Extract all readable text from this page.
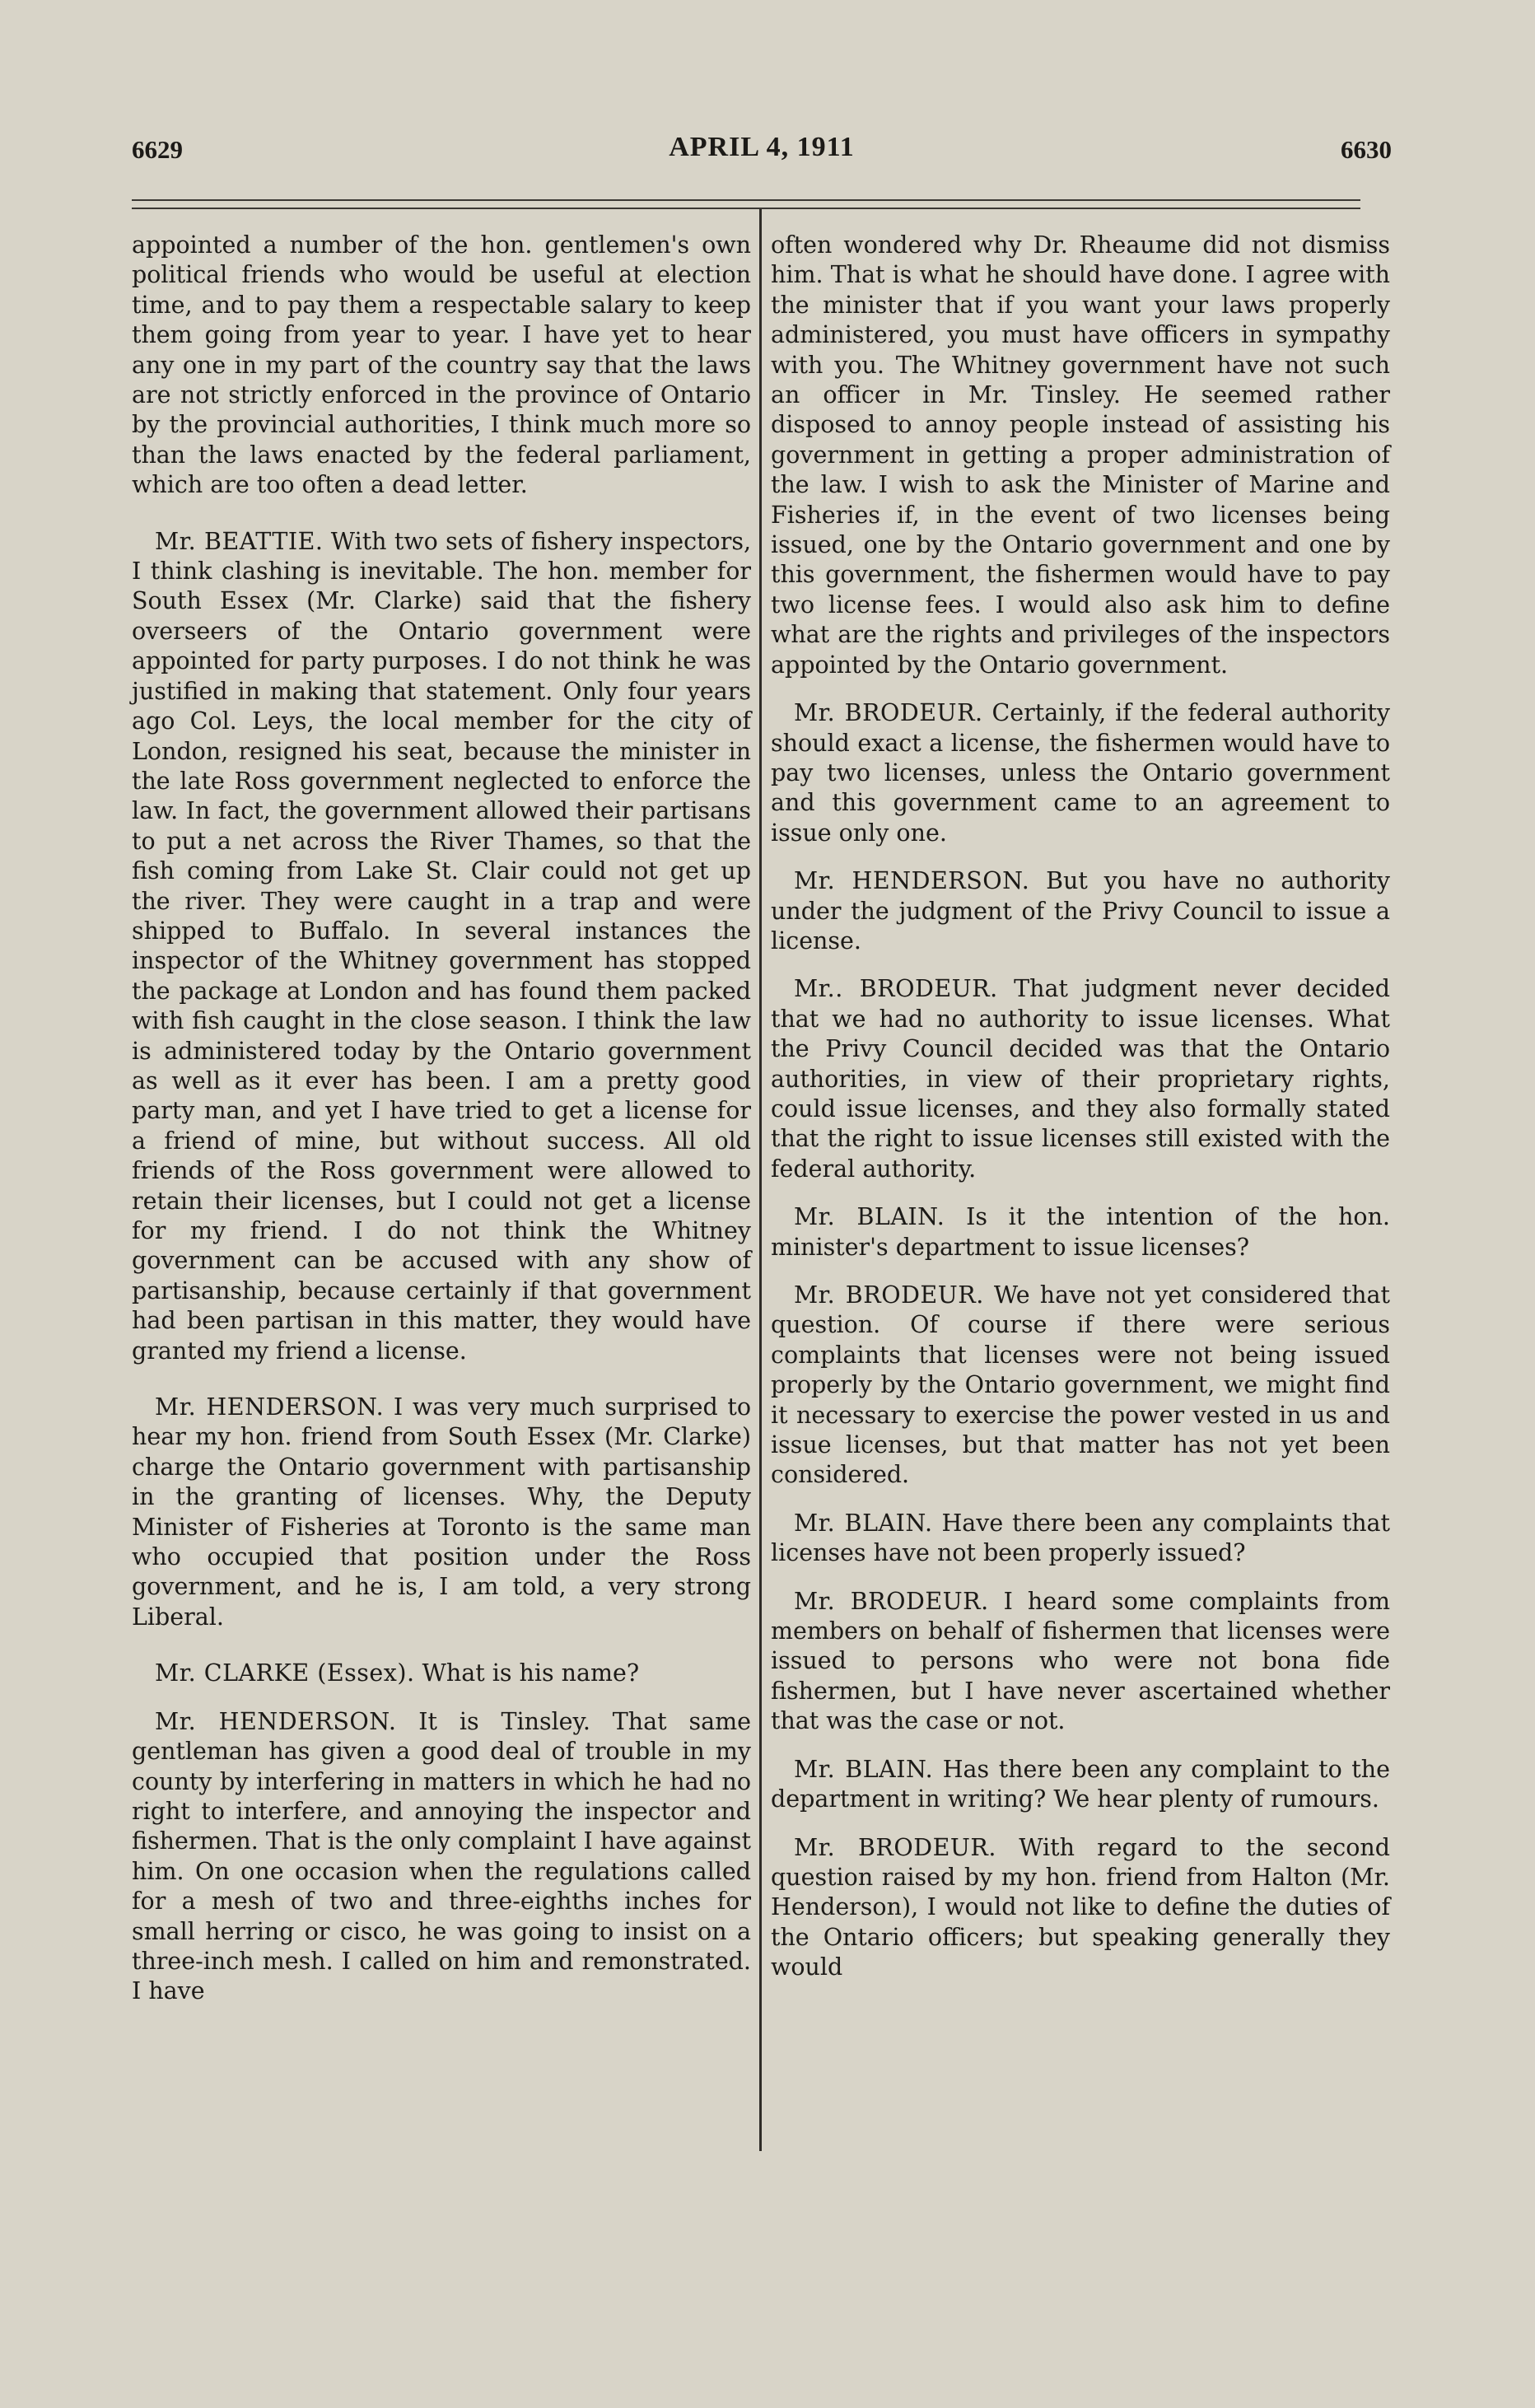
6629	APRIL 4, 1911	6630

appointed a number of the hon. gentlemen's own political friends who would be useful at election time, and to pay them a respectable salary to keep them going from year to year. I have yet to hear any one in my part of the country say that the laws are not strictly enforced in the province of Ontario by the provincial authorities, I think much more so than the laws enacted by the federal parliament, which are too often a dead letter.

Mr. BEATTIE. With two sets of fishery inspectors, I think clashing is inevitable. The hon. member for South Essex (Mr. Clarke) said that the fishery overseers of the Ontario government were appointed for party purposes. I do not think he was justified in making that statement. Only four years ago Col. Leys, the local member for the city of London, resigned his seat, because the minister in the late Ross government neglected to enforce the law. In fact, the government allowed their partisans to put a net across the River Thames, so that the fish coming from Lake St. Clair could not get up the river. They were caught in a trap and were shipped to Buffalo. In several instances the inspector of the Whitney government has stopped the package at London and has found them packed with fish caught in the close season. I think the law is administered today by the Ontario government as well as it ever has been. I am a pretty good party man, and yet I have tried to get a license for a friend of mine, but without success. All old friends of the Ross government were allowed to retain their licenses, but I could not get a license for my friend. I do not think the Whitney government can be accused with any show of partisanship, because certainly if that government had been partisan in this matter, they would have granted my friend a license.

Mr. HENDERSON. I was very much surprised to hear my hon. friend from South Essex (Mr. Clarke) charge the Ontario government with partisanship in the granting of licenses. Why, the Deputy Minister of Fisheries at Toronto is the same man who occupied that position under the Ross government, and he is, I am told, a very strong Liberal.

Mr. CLARKE (Essex). What is his name?

Mr. HENDERSON. It is Tinsley. That same gentleman has given a good deal of trouble in my county by interfering in matters in which he had no right to interfere, and annoying the inspector and fishermen. That is the only complaint I have against him. On one occasion when the regulations called for a mesh of two and three-eighths inches for small herring or cisco, he was going to insist on a three-inch mesh. I called on him and remonstrated. I have

often wondered why Dr. Rheaume did not dismiss him. That is what he should have done. I agree with the minister that if you want your laws properly administered, you must have officers in sympathy with you. The Whitney government have not such an officer in Mr. Tinsley. He seemed rather disposed to annoy people instead of assisting his government in getting a proper administration of the law. I wish to ask the Minister of Marine and Fisheries if, in the event of two licenses being issued, one by the Ontario government and one by this government, the fishermen would have to pay two license fees. I would also ask him to define what are the rights and privileges of the inspectors appointed by the Ontario government.

Mr. BRODEUR. Certainly, if the federal authority should exact a license, the fishermen would have to pay two licenses, unless the Ontario government and this government came to an agreement to issue only one.

Mr. HENDERSON. But you have no authority under the judgment of the Privy Council to issue a license.

Mr.. BRODEUR. That judgment never decided that we had no authority to issue licenses. What the Privy Council decided was that the Ontario authorities, in view of their proprietary rights, could issue licenses, and they also formally stated that the right to issue licenses still existed with the federal authority.

Mr. BLAIN. Is it the intention of the hon. minister's department to issue licenses?

Mr. BRODEUR. We have not yet considered that question. Of course if there were serious complaints that licenses were not being issued properly by the Ontario government, we might find it necessary to exercise the power vested in us and issue licenses, but that matter has not yet been considered.

Mr. BLAIN. Have there been any complaints that licenses have not been properly issued?

Mr. BRODEUR. I heard some complaints from members on behalf of fishermen that licenses were issued to persons who were not bona fide fishermen, but I have never ascertained whether that was the case or not.

Mr. BLAIN. Has there been any complaint to the department in writing? We hear plenty of rumours.

Mr. BRODEUR. With regard to the second question raised by my hon. friend from Halton (Mr. Henderson), I would not like to define the duties of the Ontario officers; but speaking generally they would
